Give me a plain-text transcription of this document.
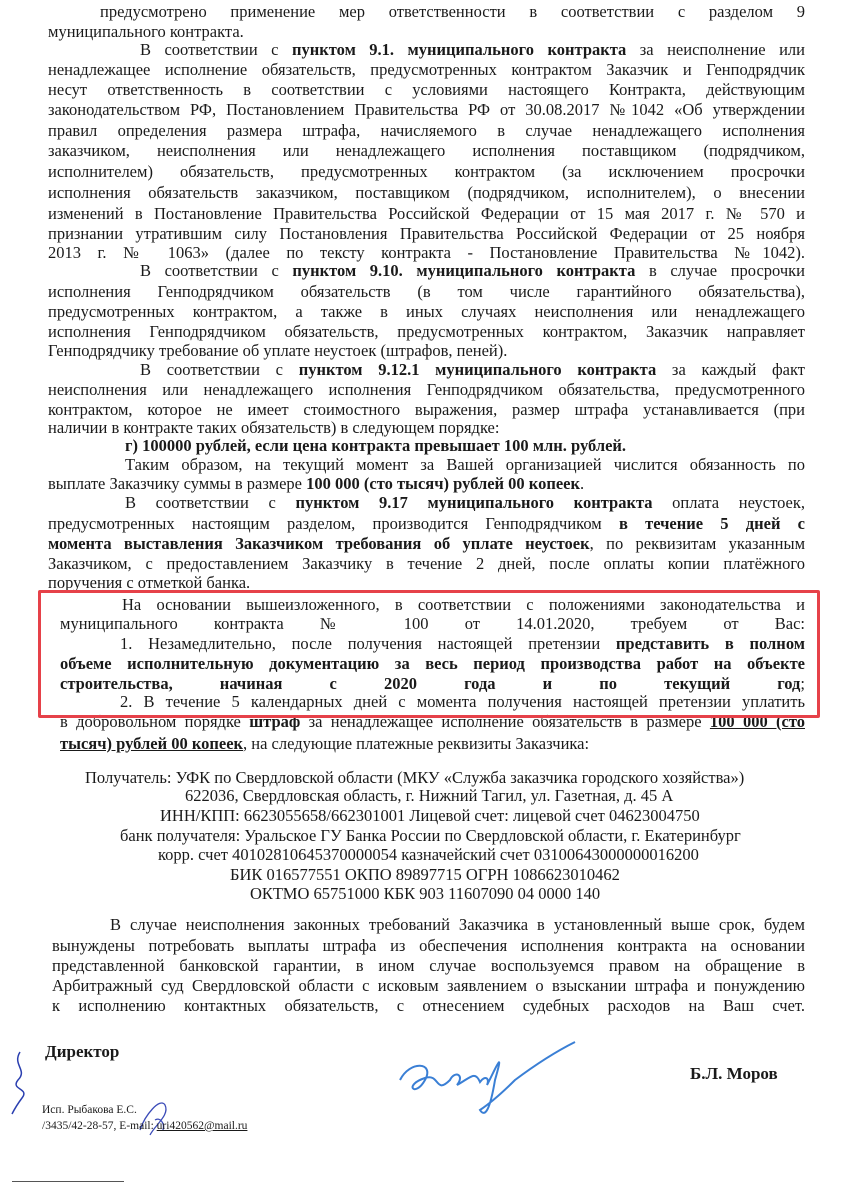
предусмотрено применение мер ответственности в соответствии с разделом 9
муниципального контракта.
В соответствии с пунктом 9.1. муниципального контракта за неисполнение или
ненадлежащее исполнение обязательств, предусмотренных контрактом Заказчик и Генподрядчик
несут ответственность в соответствии с условиями настоящего Контракта, действующим
законодательством РФ, Постановлением Правительства РФ от 30.08.2017 №1042 «Об утверждении
правил определения размера штрафа, начисляемого в случае ненадлежащего исполнения
заказчиком, неисполнения или ненадлежащего исполнения поставщиком (подрядчиком,
исполнителем) обязательств, предусмотренных контрактом (за исключением просрочки
исполнения обязательств заказчиком, поставщиком (подрядчиком, исполнителем), о внесении
изменений в Постановление Правительства Российской Федерации от 15 мая 2017 г. № 570 и
признании утратившим силу Постановления Правительства Российской Федерации от 25 ноября
2013 г. № 1063» (далее по тексту контракта - Постановление Правительства №1042).
В соответствии с пунктом 9.10. муниципального контракта в случае просрочки
исполнения Генподрядчиком обязательств (в том числе гарантийного обязательства),
предусмотренных контрактом, а также в иных случаях неисполнения или ненадлежащего
исполнения Генподрядчиком обязательств, предусмотренных контрактом, Заказчик направляет
Генподрядчику требование об уплате неустоек (штрафов, пеней).
В соответствии с пунктом 9.12.1 муниципального контракта за каждый факт
неисполнения или ненадлежащего исполнения Генподрядчиком обязательства, предусмотренного
контрактом, которое не имеет стоимостного выражения, размер штрафа устанавливается (при
наличии в контракте таких обязательств) в следующем порядке:
г) 100000 рублей, если цена контракта превышает 100 млн. рублей.
Таким образом, на текущий момент за Вашей организацией числится обязанность по
выплате Заказчику суммы в размере 100 000 (сто тысяч) рублей 00 копеек.
В соответствии с пунктом 9.17 муниципального контракта оплата неустоек,
предусмотренных настоящим разделом, производится Генподрядчиком в течение 5 дней с
момента выставления Заказчиком требования об уплате неустоек, по реквизитам указанным
Заказчиком, с предоставлением Заказчику в течение 2 дней, после оплаты копии платёжного
поручения с отметкой банка.
На основании вышеизложенного, в соответствии с положениями законодательства и
муниципального контракта № 100 от 14.01.2020, требуем от Вас:
1. Незамедлительно, после получения настоящей претензии представить в полном
объеме исполнительную документацию за весь период производства работ на объекте
строительства, начиная с 2020 года и по текущий год;
2. В течение 5 календарных дней с момента получения настоящей претензии уплатить
в добровольном порядке штраф за ненадлежащее исполнение обязательств в размере 100 000 (сто
тысяч) рублей 00 копеек, на следующие платежные реквизиты Заказчика:
Получатель: УФК по Свердловской области (МКУ «Служба заказчика городского хозяйства»)
622036, Свердловская область, г. Нижний Тагил, ул. Газетная, д. 45 А
ИНН/КПП: 6623055658/662301001 Лицевой счет: лицевой счет 04623004750
банк получателя: Уральское ГУ Банка России по Свердловской области, г. Екатеринбург
корр. счет 40102810645370000054 казначейский счет 03100643000000016200
БИК 016577551 ОКПО 89897715 ОГРН 1086623010462
ОКТМО 65751000 КБК 903 11607090 04 0000 140
В случае неисполнения законных требований Заказчика в установленный выше срок, будем
вынуждены потребовать выплаты штрафа из обеспечения исполнения контракта на основании
представленной банковской гарантии, в ином случае воспользуемся правом на обращение в
Арбитражный суд Свердловской области с исковым заявлением о взыскании штрафа и понуждению
к исполнению контактных обязательств, с отнесением судебных расходов на Ваш счет.
Директор
Б.Л. Моров
Исп. Рыбакова Е.С.
/3435/42-28-57, E-mail: uri420562@mail.ru
